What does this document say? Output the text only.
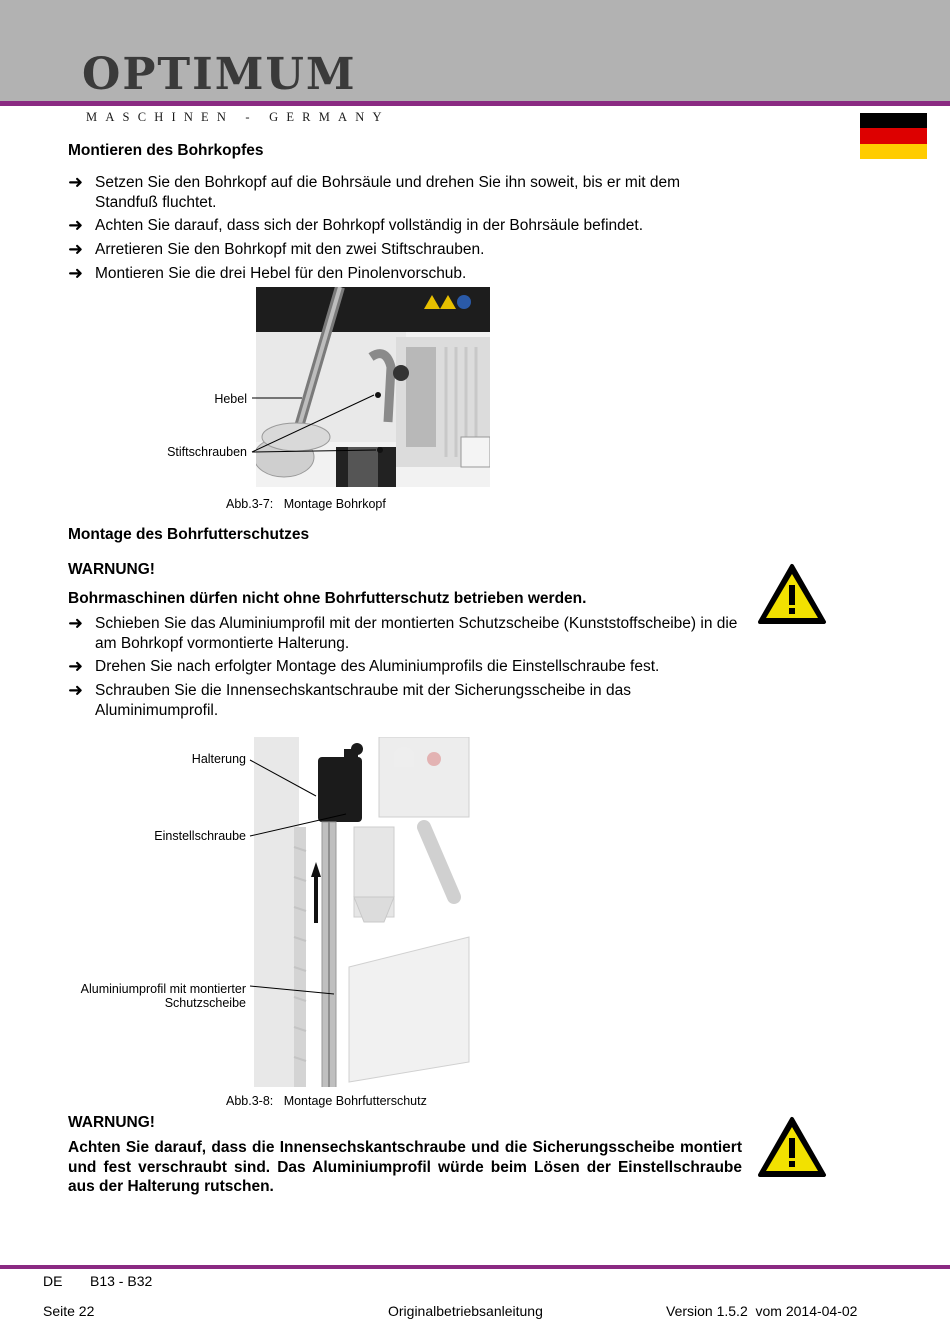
OPTIMUM
MASCHINEN - GERMANY
Montieren des Bohrkopfes
➜ Setzen Sie den Bohrkopf auf die Bohrsäule und drehen Sie ihn soweit, bis er mit dem Standfuß fluchtet.
➜ Achten Sie darauf, dass sich der Bohrkopf vollständig in der Bohrsäule befindet.
➜ Arretieren Sie den Bohrkopf mit den zwei Stiftschrauben.
➜ Montieren Sie die drei Hebel für den Pinolenvorschub.
Hebel
Stiftschrauben
Abb.3-7: Montage Bohrkopf
Montage des Bohrfutterschutzes
WARNUNG!
Bohrmaschinen dürfen nicht ohne Bohrfutterschutz betrieben werden.
➜ Schieben Sie das Aluminiumprofil mit der montierten Schutzscheibe (Kunststoffscheibe) in die am Bohrkopf vormontierte Halterung.
➜ Drehen Sie nach erfolgter Montage des Aluminiumprofils die Einstellschraube fest.
➜ Schrauben Sie die Innensechskantschraube mit der Sicherungsscheibe in das Aluminimumprofil.
Halterung
Einstellschraube
Aluminiumprofil mit montierter
Schutzscheibe
Abb.3-8: Montage Bohrfutterschutz
WARNUNG!
Achten Sie darauf, dass die Innensechskantschraube und die Sicherungsscheibe montiert und fest verschraubt sind. Das Aluminiumprofil würde beim Lösen der Einstellschraube aus der Halterung rutschen.
DE B13 - B32
Seite 22	Originalbetriebsanleitung	Version 1.5.2  vom 2014-04-02
